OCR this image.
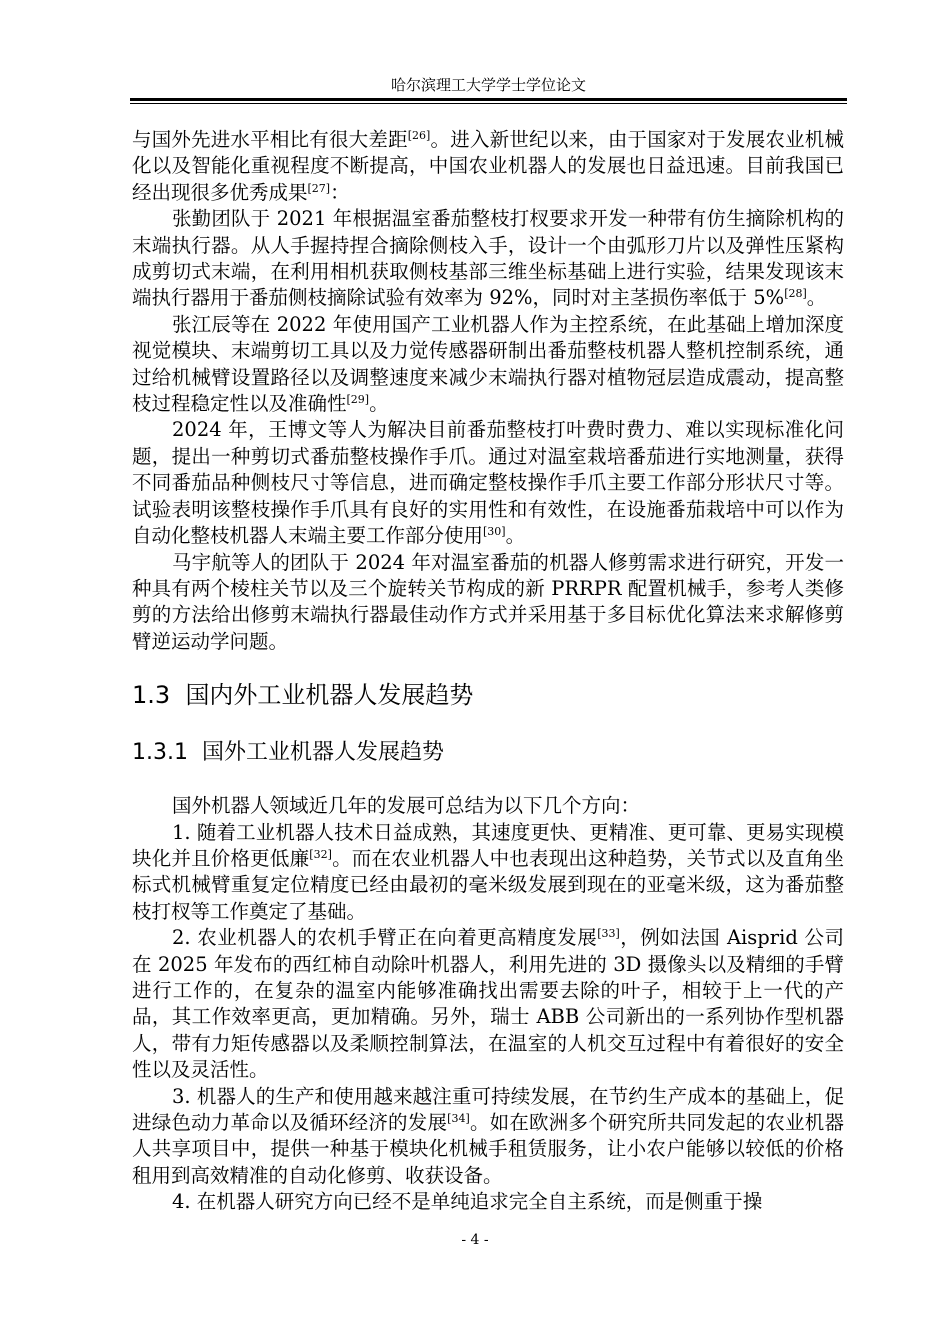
哈尔滨理工大学学士学位论文

与国外先进水平相比有很大差距[26]。进入新世纪以来，由于国家对于发展农业机械化以及智能化重视程度不断提高，中国农业机器人的发展也日益迅速。目前我国已经出现很多优秀成果[27]：

张勤团队于 2021 年根据温室番茄整枝打杈要求开发一种带有仿生摘除机构的末端执行器。从人手握持捏合摘除侧枝入手，设计一个由弧形刀片以及弹性压紧构成剪切式末端，在利用相机获取侧枝基部三维坐标基础上进行实验，结果发现该末端执行器用于番茄侧枝摘除试验有效率为 92%，同时对主茎损伤率低于 5%[28]。

张江辰等在 2022 年使用国产工业机器人作为主控系统，在此基础上增加深度视觉模块、末端剪切工具以及力觉传感器研制出番茄整枝机器人整机控制系统，通过给机械臂设置路径以及调整速度来减少末端执行器对植物冠层造成震动，提高整枝过程稳定性以及准确性[29]。

2024 年，王博文等人为解决目前番茄整枝打叶费时费力、难以实现标准化问题，提出一种剪切式番茄整枝操作手爪。通过对温室栽培番茄进行实地测量，获得不同番茄品种侧枝尺寸等信息，进而确定整枝操作手爪主要工作部分形状尺寸等。试验表明该整枝操作手爪具有良好的实用性和有效性，在设施番茄栽培中可以作为自动化整枝机器人末端主要工作部分使用[30]。

马宇航等人的团队于 2024 年对温室番茄的机器人修剪需求进行研究，开发一种具有两个棱柱关节以及三个旋转关节构成的新 PRRPR 配置机械手，参考人类修剪的方法给出修剪末端执行器最佳动作方式并采用基于多目标优化算法来求解修剪臂逆运动学问题。

1.3 国内外工业机器人发展趋势
1.3.1 国外工业机器人发展趋势

国外机器人领域近几年的发展可总结为以下几个方向：

1. 随着工业机器人技术日益成熟，其速度更快、更精准、更可靠、更易实现模块化并且价格更低廉[32]。而在农业机器人中也表现出这种趋势，关节式以及直角坐标式机械臂重复定位精度已经由最初的毫米级发展到现在的亚毫米级，这为番茄整枝打杈等工作奠定了基础。

2. 农业机器人的农机手臂正在向着更高精度发展[33]，例如法国 Aisprid 公司在 2025 年发布的西红柿自动除叶机器人，利用先进的 3D 摄像头以及精细的手臂进行工作的，在复杂的温室内能够准确找出需要去除的叶子，相较于上一代的产品，其工作效率更高，更加精确。另外，瑞士 ABB 公司新出的一系列协作型机器人，带有力矩传感器以及柔顺控制算法，在温室的人机交互过程中有着很好的安全性以及灵活性。

3. 机器人的生产和使用越来越注重可持续发展，在节约生产成本的基础上，促进绿色动力革命以及循环经济的发展[34]。如在欧洲多个研究所共同发起的农业机器人共享项目中，提供一种基于模块化机械手租赁服务，让小农户能够以较低的价格租用到高效精准的自动化修剪、收获设备。

4. 在机器人研究方向已经不是单纯追求完全自主系统，而是侧重于操

- 4 -
